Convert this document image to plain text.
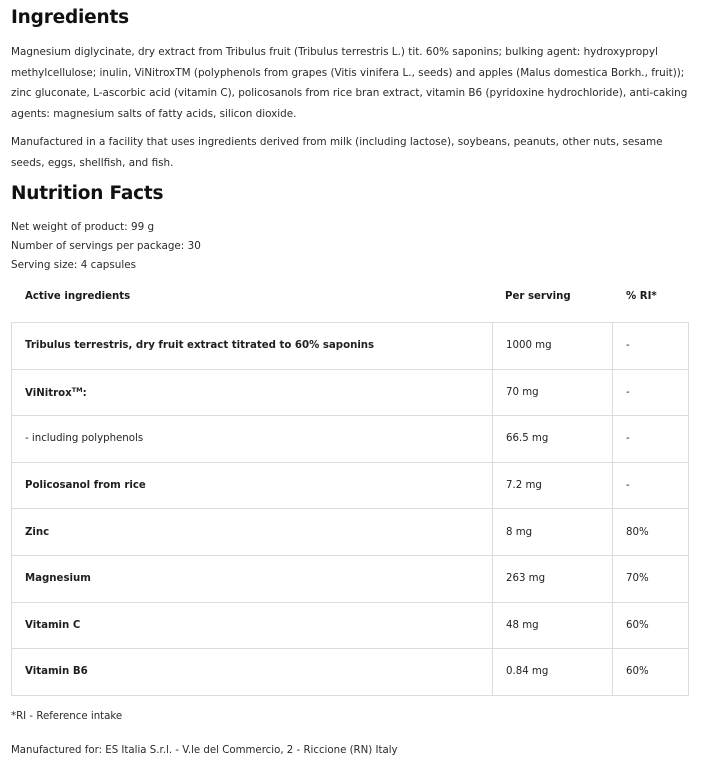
Ingredients

Magnesium diglycinate, dry extract from Tribulus fruit (Tribulus terrestris L.) tit. 60% saponins; bulking agent: hydroxypropyl methylcellulose; inulin, ViNitroxTM (polyphenols from grapes (Vitis vinifera L., seeds) and apples (Malus domestica Borkh., fruit)); zinc gluconate, L-ascorbic acid (vitamin C), policosanols from rice bran extract, vitamin B6 (pyridoxine hydrochloride), anti-caking agents: magnesium salts of fatty acids, silicon dioxide.

Manufactured in a facility that uses ingredients derived from milk (including lactose), soybeans, peanuts, other nuts, sesame seeds, eggs, shellfish, and fish.

Nutrition Facts
Net weight of product: 99 g
Number of servings per package: 30
Serving size: 4 capsules
Active ingredients	Per serving	% RI*
Tribulus terrestris, dry fruit extract titrated to 60% saponins	1000 mg	-
ViNitrox™:	70 mg	-
- including polyphenols	66.5 mg	-
Policosanol from rice	7.2 mg	-
Zinc	8 mg	80%
Magnesium	263 mg	70%
Vitamin C	48 mg	60%
Vitamin B6	0.84 mg	60%
*RI - Reference intake
Manufactured for: ES Italia S.r.l. - V.le del Commercio, 2 - Riccione (RN) Italy
